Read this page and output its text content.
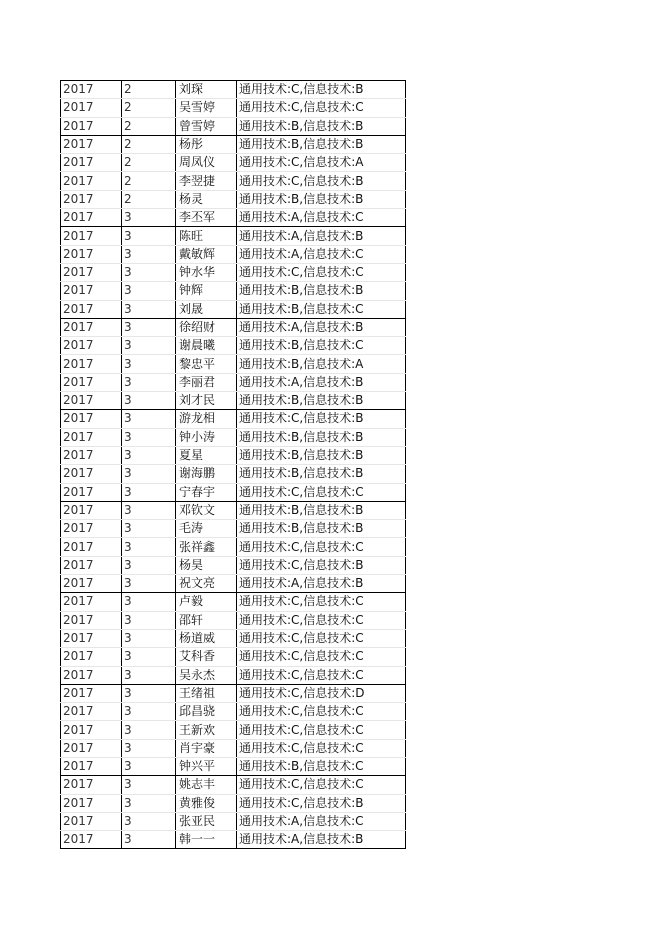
2017	2	刘琛	通用技术:C,信息技术:B
2017	2	吴雪婷	通用技术:C,信息技术:C
2017	2	曾雪婷	通用技术:B,信息技术:B
2017	2	杨彤	通用技术:B,信息技术:B
2017	2	周凤仪	通用技术:C,信息技术:A
2017	2	李翌捷	通用技术:C,信息技术:B
2017	2	杨灵	通用技术:B,信息技术:B
2017	3	李丕军	通用技术:A,信息技术:C
2017	3	陈旺	通用技术:A,信息技术:B
2017	3	戴敏辉	通用技术:A,信息技术:C
2017	3	钟水华	通用技术:C,信息技术:C
2017	3	钟辉	通用技术:B,信息技术:B
2017	3	刘晟	通用技术:B,信息技术:C
2017	3	徐绍财	通用技术:A,信息技术:B
2017	3	谢晨曦	通用技术:B,信息技术:C
2017	3	黎忠平	通用技术:B,信息技术:A
2017	3	李丽君	通用技术:A,信息技术:B
2017	3	刘才民	通用技术:B,信息技术:B
2017	3	游龙相	通用技术:C,信息技术:B
2017	3	钟小涛	通用技术:B,信息技术:B
2017	3	夏星	通用技术:B,信息技术:B
2017	3	谢海鹏	通用技术:B,信息技术:B
2017	3	宁春宇	通用技术:C,信息技术:C
2017	3	邓钦文	通用技术:B,信息技术:B
2017	3	毛涛	通用技术:B,信息技术:B
2017	3	张祥鑫	通用技术:C,信息技术:C
2017	3	杨昊	通用技术:C,信息技术:B
2017	3	祝文亮	通用技术:A,信息技术:B
2017	3	卢毅	通用技术:C,信息技术:C
2017	3	邵轩	通用技术:C,信息技术:C
2017	3	杨道威	通用技术:C,信息技术:C
2017	3	艾科香	通用技术:C,信息技术:C
2017	3	吴永杰	通用技术:C,信息技术:C
2017	3	王绪祖	通用技术:C,信息技术:D
2017	3	邱昌骁	通用技术:C,信息技术:C
2017	3	王新欢	通用技术:C,信息技术:C
2017	3	肖宇豪	通用技术:C,信息技术:C
2017	3	钟兴平	通用技术:B,信息技术:C
2017	3	姚志丰	通用技术:C,信息技术:C
2017	3	黄雅俊	通用技术:C,信息技术:B
2017	3	张亚民	通用技术:A,信息技术:C
2017	3	韩一一	通用技术:A,信息技术:B
